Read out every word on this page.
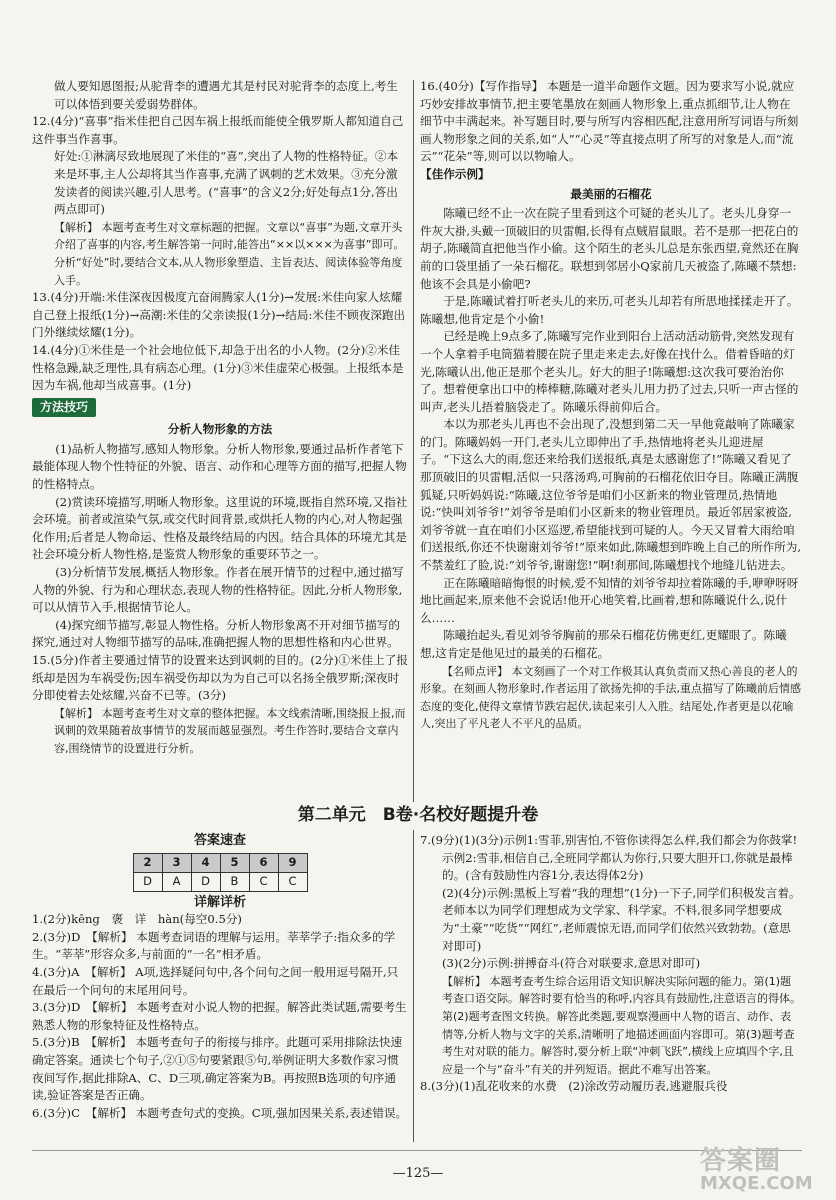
做人要知恩图报;从驼背李的遭遇尤其是村民对驼背李的态度上,考生可以体悟到要关爱弱势群体。

12.(4分)“喜事”指米佳把自己因车祸上报纸而能使全俄罗斯人都知道自己这件事当作喜事。

好处:①淋漓尽致地展现了米佳的“喜”,突出了人物的性格特征。②本来是坏事,主人公却将其当作喜事,充满了讽刺的艺术效果。③充分激发读者的阅读兴趣,引人思考。(“喜事”的含义2分;好处每点1分,答出两点即可)

【解析】 本题考查考生对文章标题的把握。文章以“喜事”为题,文章开头介绍了喜事的内容,考生解答第一问时,能答出“××以×××为喜事”即可。分析“好处”时,要结合文本,从人物形象塑造、主旨表达、阅读体验等角度入手。

13.(4分)开端:米佳深夜因极度亢奋闹腾家人(1分)→发展:米佳向家人炫耀自己登上报纸(1分)→高潮:米佳的父亲读报(1分)→结局:米佳不顾夜深跑出门外继续炫耀(1分)。

14.(4分)①米佳是一个社会地位低下,却急于出名的小人物。(2分)②米佳性格急躁,缺乏理性,具有病态心理。(1分)③米佳虚荣心极强。上报纸本是因为车祸,他却当成喜事。(1分)

方法技巧

分析人物形象的方法

(1)品析人物描写,感知人物形象。分析人物形象,要通过品析作者笔下最能体现人物个性特征的外貌、语言、动作和心理等方面的描写,把握人物的性格特点。

(2)赏读环境描写,明晰人物形象。这里说的环境,既指自然环境,又指社会环境。前者或渲染气氛,或交代时间背景,或烘托人物的内心,对人物起强化作用;后者是人物命运、性格及最终结局的内因。结合具体的环境尤其是社会环境分析人物性格,是鉴赏人物形象的重要环节之一。

(3)分析情节发展,概括人物形象。作者在展开情节的过程中,通过描写人物的外貌、行为和心理状态,表现人物的性格特征。因此,分析人物形象,可以从情节入手,根据情节论人。

(4)探究细节描写,彰显人物性格。分析人物形象离不开对细节描写的探究,通过对人物细节描写的品味,准确把握人物的思想性格和内心世界。

15.(5分)作者主要通过情节的设置来达到讽刺的目的。(2分)①米佳上了报纸却是因为车祸受伤;因车祸受伤却以为为自己可以名扬全俄罗斯;深夜时分即使着去处炫耀,兴奋不已等。(3分)

【解析】 本题考查考生对文章的整体把握。本文线索清晰,围绕报上报,而讽刺的效果随着故事情节的发展而越显强烈。考生作答时,要结合文章内容,围绕情节的设置进行分析。

16.(40分)【写作指导】 本题是一道半命题作文题。因为要求写小说,就应巧妙安排故事情节,把主要笔墨放在刻画人物形象上,重点抓细节,让人物在细节中丰满起来。补写题目时,要与所写内容相匹配,注意用所写词语与所刻画人物形象之间的关系,如“人”“心灵”等直接点明了所写的对象是人,而“流云”“花朵”等,则可以以物喻人。

【佳作示例】

最美丽的石榴花

陈曦已经不止一次在院子里看到这个可疑的老头儿了。老头儿身穿一件灰大褂,头戴一顶破旧的贝雷帽,长得有点贼眉鼠眼。若不是那一把花白的胡子,陈曦简直把他当作小偷。这个陌生的老头儿总是东张西望,竟然还在胸前的口袋里插了一朵石榴花。联想到邻居小Q家前几天被盗了,陈曦不禁想:他该不会具是小偷吧?

于是,陈曦试着打听老头儿的来历,可老头儿却若有所思地揉揉走开了。陈曦想,他肯定是个小偷!

已经是晚上9点多了,陈曦写完作业到阳台上活动活动筋骨,突然发现有一个人拿着手电筒猫着腰在院子里走来走去,好像在找什么。借着昏暗的灯光,陈曦认出,他正是那个老头儿。好大的胆子!陈曦想:这次我可要治治你了。想着便拿出口中的棒棒糖,陈曦对老头儿用力扔了过去,只听一声古怪的叫声,老头儿捂着脑袋走了。陈曦乐得前仰后合。

本以为那老头儿再也不会出现了,没想到第二天一早他竟敲响了陈曦家的门。陈曦妈妈一开门,老头儿立即伸出了手,热情地将老头儿迎进屋子。“下这么大的雨,您还来给我们送报纸,真是太感谢您了!”陈曦又看见了那顶破旧的贝雷帽,活似一只落汤鸡,可胸前的石榴花依旧夺目。陈曦正满腹狐疑,只听妈妈说:“陈曦,这位爷爷是咱们小区新来的物业管理员,热情地说:“快叫刘爷爷!”刘爷爷是咱们小区新来的物业管理员。最近邻居家被盗,刘爷爷就一直在咱们小区巡逻,希望能找到可疑的人。今天又冒着大雨给咱们送报纸,你还不快谢谢刘爷爷!”原来如此,陈曦想到昨晚上自己的所作所为,不禁羞红了脸,说:“刘爷爷,谢谢您!”啊!刹那间,陈曦想找个地缝儿钻进去。

正在陈曦暗暗悔恨的时候,爱不知情的刘爷爷却拉着陈曦的手,咿咿呀呀地比画起来,原来他不会说话!他开心地笑着,比画着,想和陈曦说什么,说什么……

陈曦抬起头,看见刘爷爷胸前的那朵石榴花仿佛更红,更耀眼了。陈曦想,这肯定是他见过的最美的石榴花。

【名师点评】 本文刻画了一个对工作极其认真负责而又热心善良的老人的形象。在刻画人物形象时,作者运用了欲扬先抑的手法,重点描写了陈曦前后情感态度的变化,使得文章情节跌宕起伏,读起来引人入胜。结尾处,作者更是以花喻人,突出了平凡老人不平凡的品质。

第二单元　B卷·名校好题提升卷
答案速查
2	3	4	5	6	9
D	A	D	B	C	C
详解详析

1.(2分)kēng　褒　详　hàn(每空0.5分)

2.(3分)D　【解析】 本题考查词语的理解与运用。莘莘学子:指众多的学生。“莘莘”形容众多,与前面的“一名”相矛盾。

4.(3分)A　【解析】 A项,选择疑问句中,各个问句之间一般用逗号隔开,只在最后一个问句的末尾用问号。

3.(3分)D　【解析】 本题考查对小说人物的把握。解答此类试题,需要考生熟悉人物的形象特征及性格特点。

5.(3分)B　【解析】 本题考查句子的衔接与排序。此题可采用排除法快速确定答案。通读七个句子,②①⑤句要紧跟⑤句,举例证明大多数作家习惯夜间写作,据此排除A、C、D三项,确定答案为B。再按照B选项的句序通读,验证答案是否正确。

6.(3分)C　【解析】 本题考查句式的变换。C项,强加因果关系,表述错误。

7.(9分)(1)(3分)示例1:雪菲,别害怕,不管你读得怎么样,我们都会为你鼓掌!

示例2:雪菲,相信自己,全班同学都认为你行,只要大胆开口,你就是最棒的。(含有鼓励性内容1分,表达得体2分)

(2)(4分)示例:黑板上写着“我的理想”(1分)一下子,同学们积极发言着。老师本以为同学们理想成为文学家、科学家。不料,很多同学想要成为“土豪”“吃货”“网红”,老师震惊无语,而同学们依然兴致勃勃。(意思对即可)

(3)(2分)示例:拼搏奋斗(符合对联要求,意思对即可)

【解析】 本题考查考生综合运用语文知识解决实际问题的能力。第(1)题考查口语交际。解答时要有恰当的称呼,内容具有鼓励性,注意语言的得体。第(2)题考查图文转换。解答此类题,要观察漫画中人物的语言、动作、表情等,分析人物与文字的关系,清晰明了地描述画面内容即可。第(3)题考查考生对对联的能力。解答时,要分析上联“冲刺飞跃”,横线上应填四个字,且应是一个与“奋斗”有关的并列短语。据此不难写出答案。

8.(3分)(1)乱花收来的水费　(2)涂改劳动履历表,逃避服兵役

—125—	答案圈
MXQE.COM
